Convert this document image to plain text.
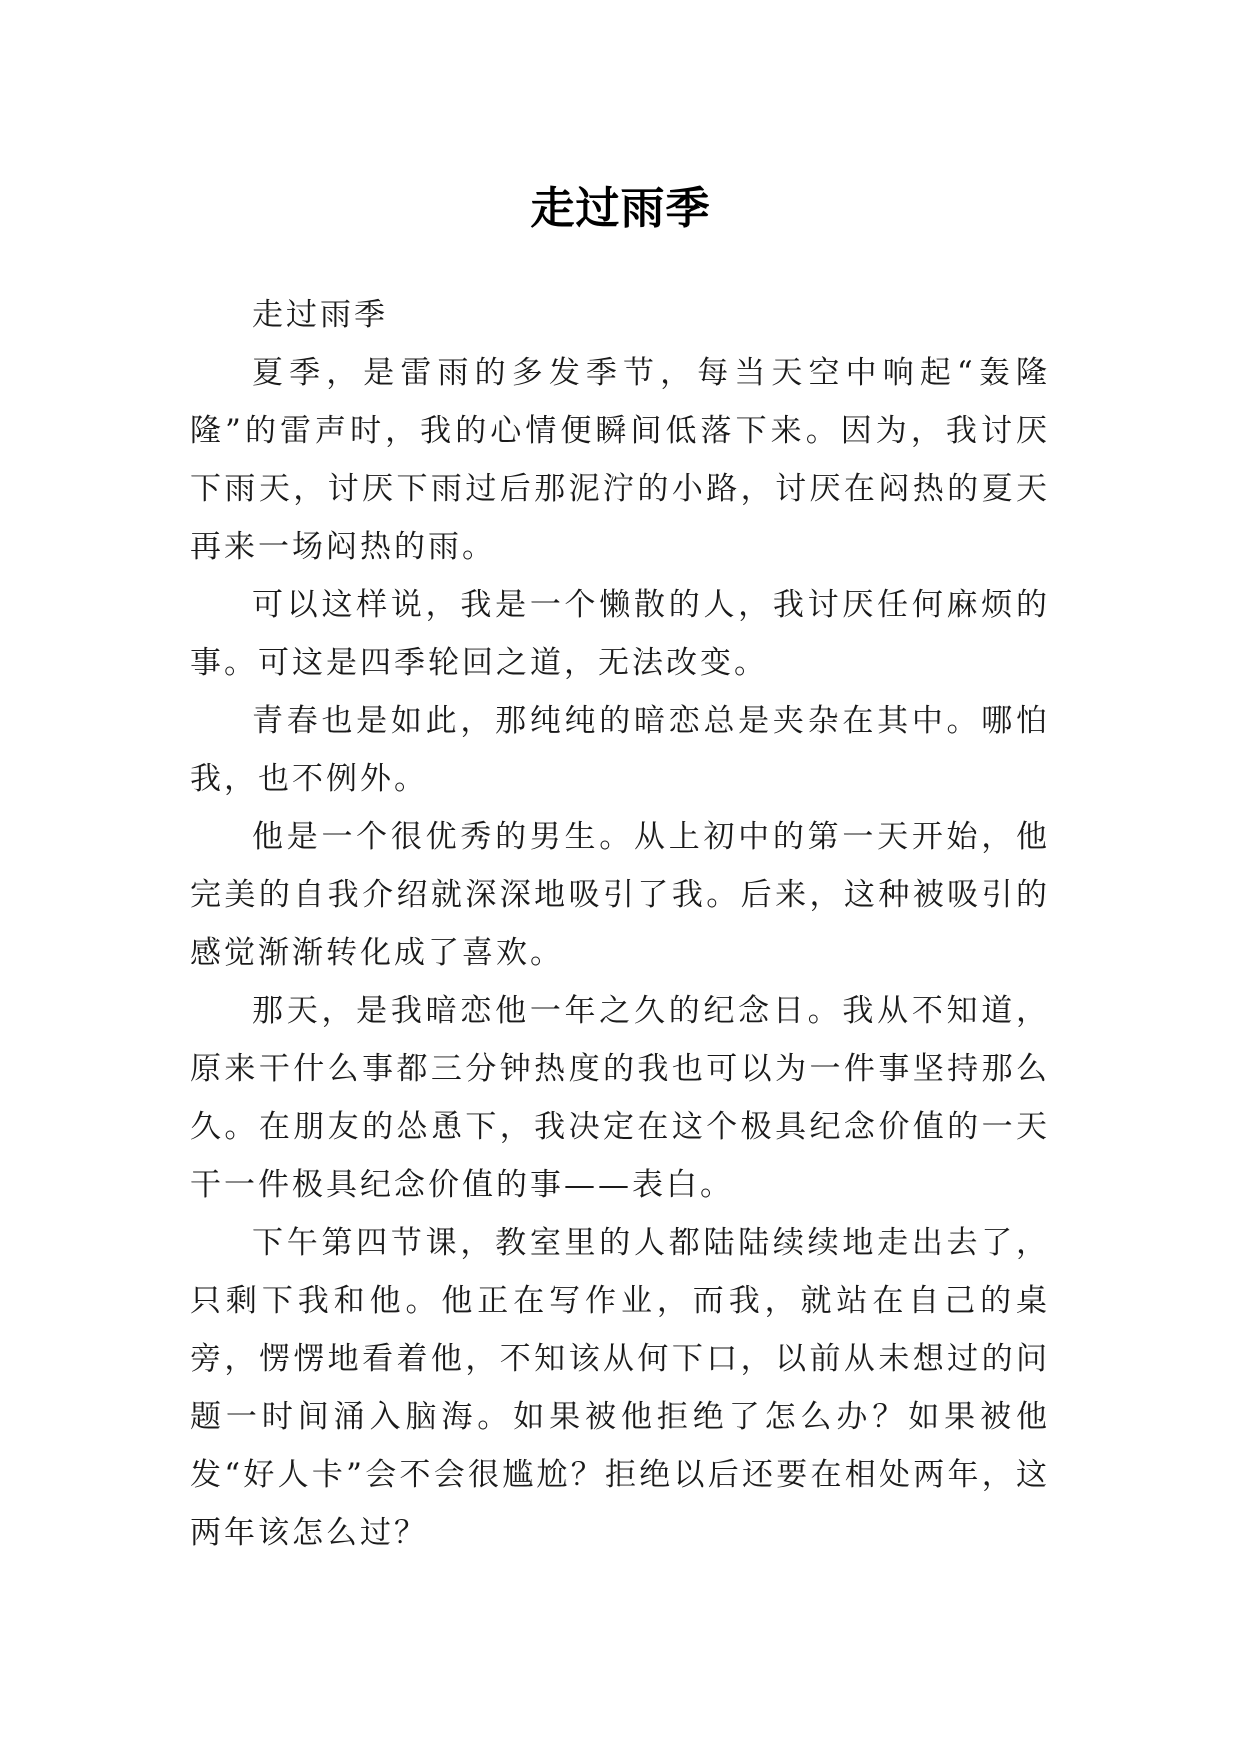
走过雨季

走过雨季

夏季，是雷雨的多发季节，每当天空中响起“轰隆隆”的雷声时，我的心情便瞬间低落下来。因为，我讨厌下雨天，讨厌下雨过后那泥泞的小路，讨厌在闷热的夏天再来一场闷热的雨。

可以这样说，我是一个懒散的人，我讨厌任何麻烦的事。可这是四季轮回之道，无法改变。

青春也是如此，那纯纯的暗恋总是夹杂在其中。哪怕我，也不例外。

他是一个很优秀的男生。从上初中的第一天开始，他完美的自我介绍就深深地吸引了我。后来，这种被吸引的感觉渐渐转化成了喜欢。

那天，是我暗恋他一年之久的纪念日。我从不知道，原来干什么事都三分钟热度的我也可以为一件事坚持那么久。在朋友的怂恿下，我决定在这个极具纪念价值的一天干一件极具纪念价值的事——表白。

下午第四节课，教室里的人都陆陆续续地走出去了，只剩下我和他。他正在写作业，而我，就站在自己的桌旁，愣愣地看着他，不知该从何下口，以前从未想过的问题一时间涌入脑海。如果被他拒绝了怎么办？如果被他发“好人卡”会不会很尴尬？拒绝以后还要在相处两年，这两年该怎么过？
